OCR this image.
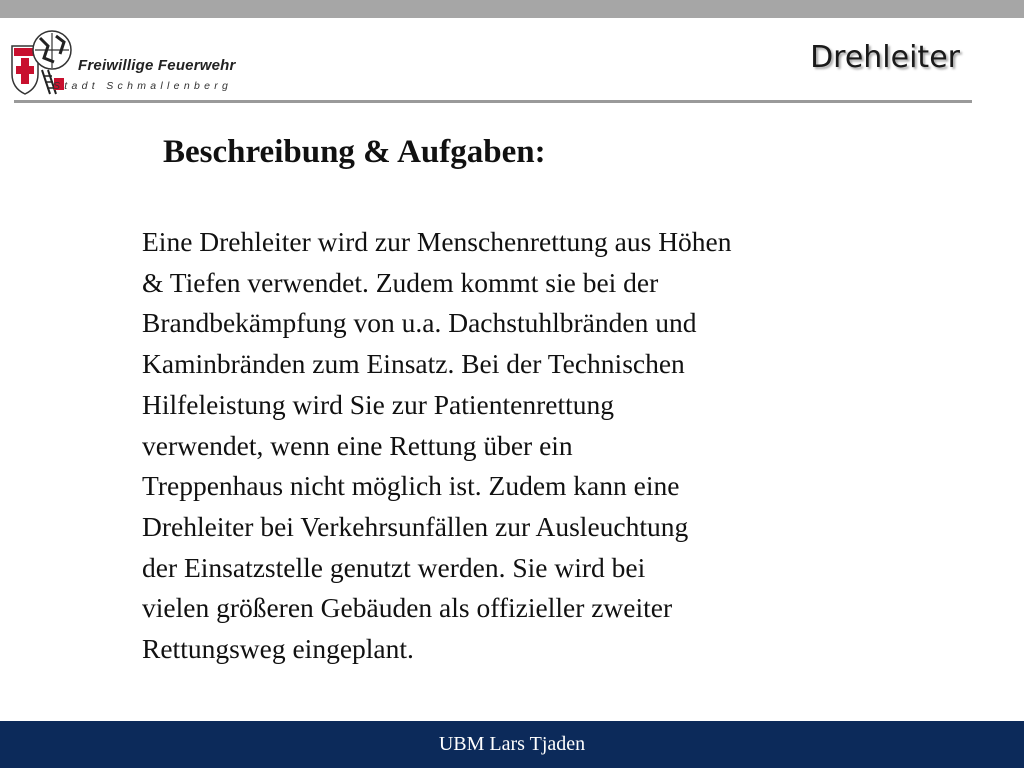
Freiwillige Feuerwehr
Stadt Schmallenberg
Drehleiter
Beschreibung & Aufgaben:
Eine Drehleiter wird zur Menschenrettung aus Höhen
& Tiefen verwendet. Zudem kommt sie bei der
Brandbekämpfung von u.a. Dachstuhlbränden und
Kaminbränden zum Einsatz. Bei der Technischen
Hilfeleistung wird Sie zur Patientenrettung
verwendet, wenn eine Rettung über ein
Treppenhaus nicht möglich ist. Zudem kann eine
Drehleiter bei Verkehrsunfällen zur Ausleuchtung
der Einsatzstelle genutzt werden. Sie wird bei
vielen größeren Gebäuden als offizieller zweiter
Rettungsweg eingeplant.
UBM Lars Tjaden
